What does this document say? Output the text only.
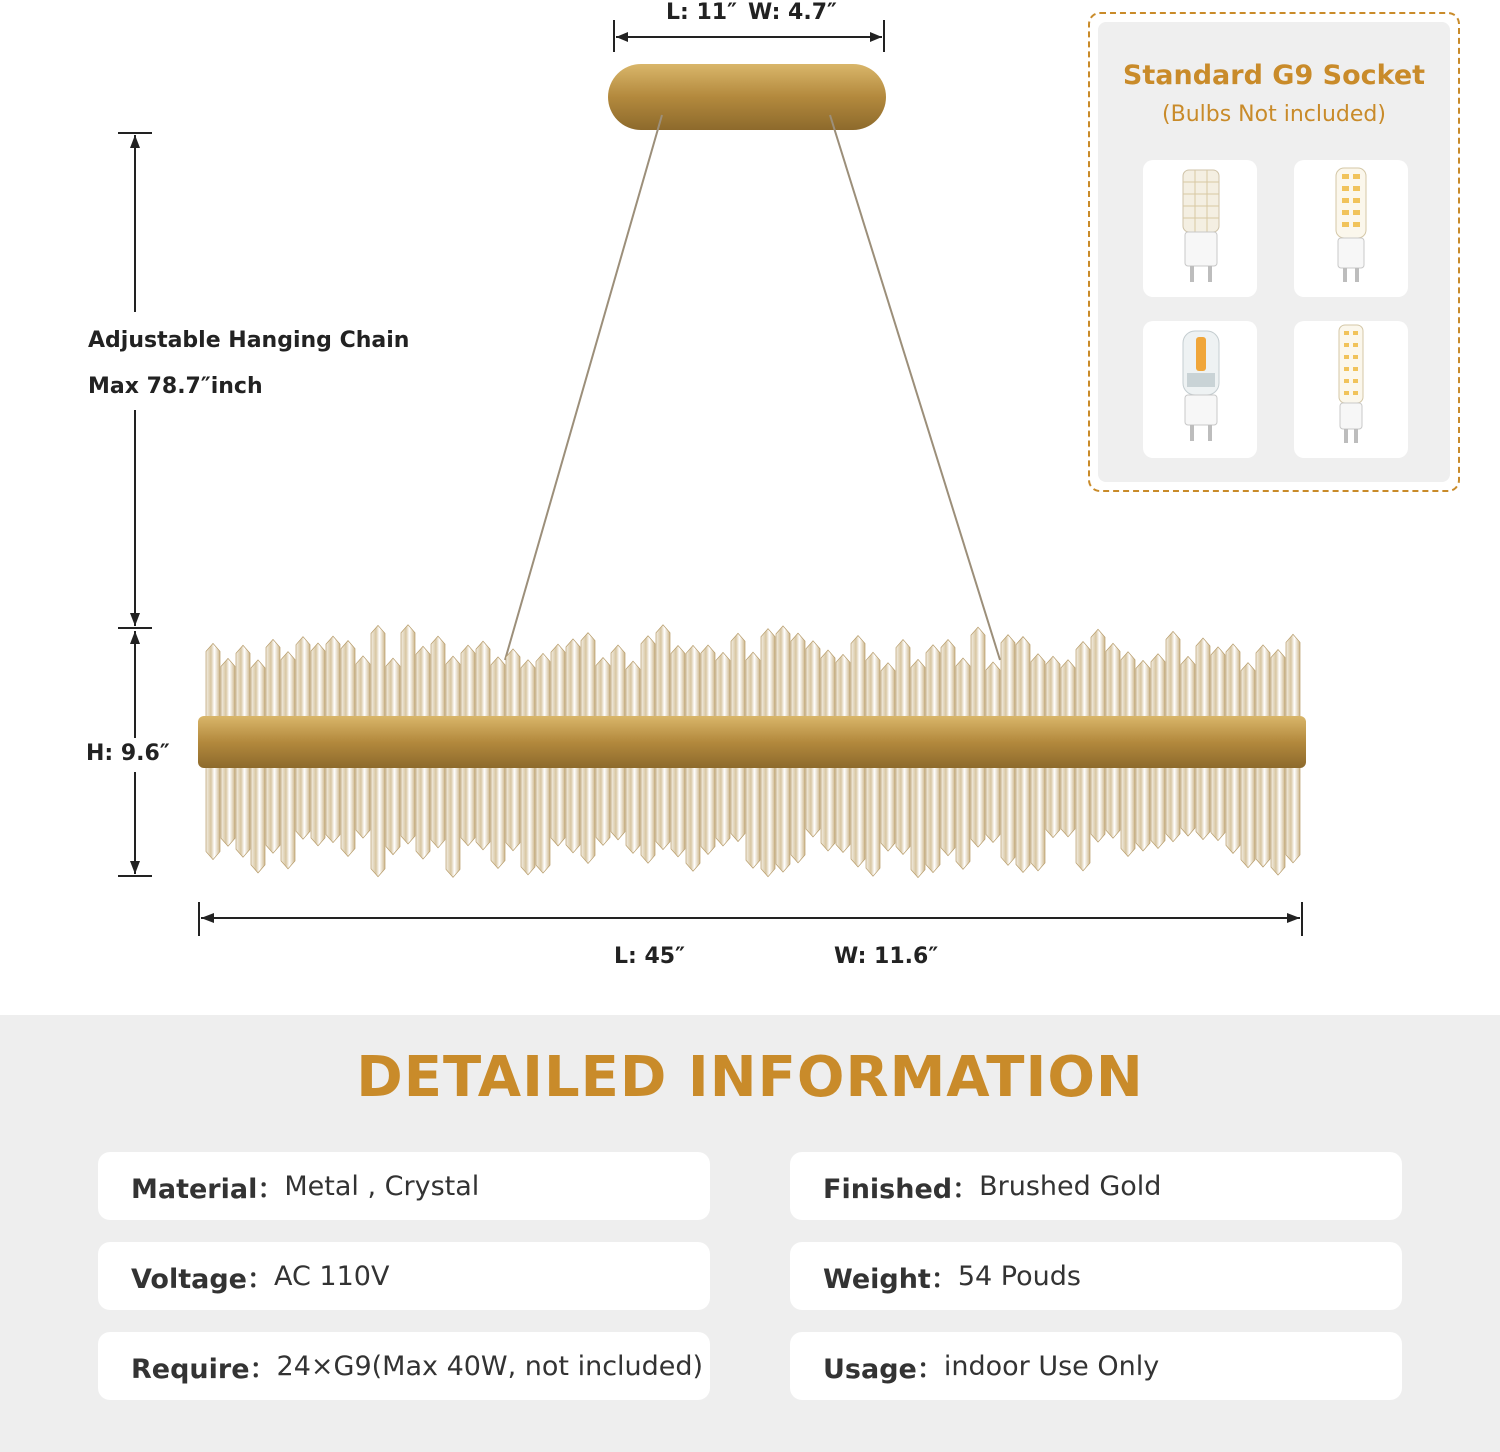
L: 11″ W: 4.7″
Adjustable Hanging Chain
Max 78.7″inch
H: 9.6″
L: 45″	W: 11.6″
Standard G9 Socket
(Bulbs Not included)
DETAILED INFORMATION
Material： Metal , Crystal	Finished： Brushed Gold
Voltage： AC 110V	Weight： 54 Pouds
Require： 24×G9(Max 40W, not included)	Usage： indoor Use Only
